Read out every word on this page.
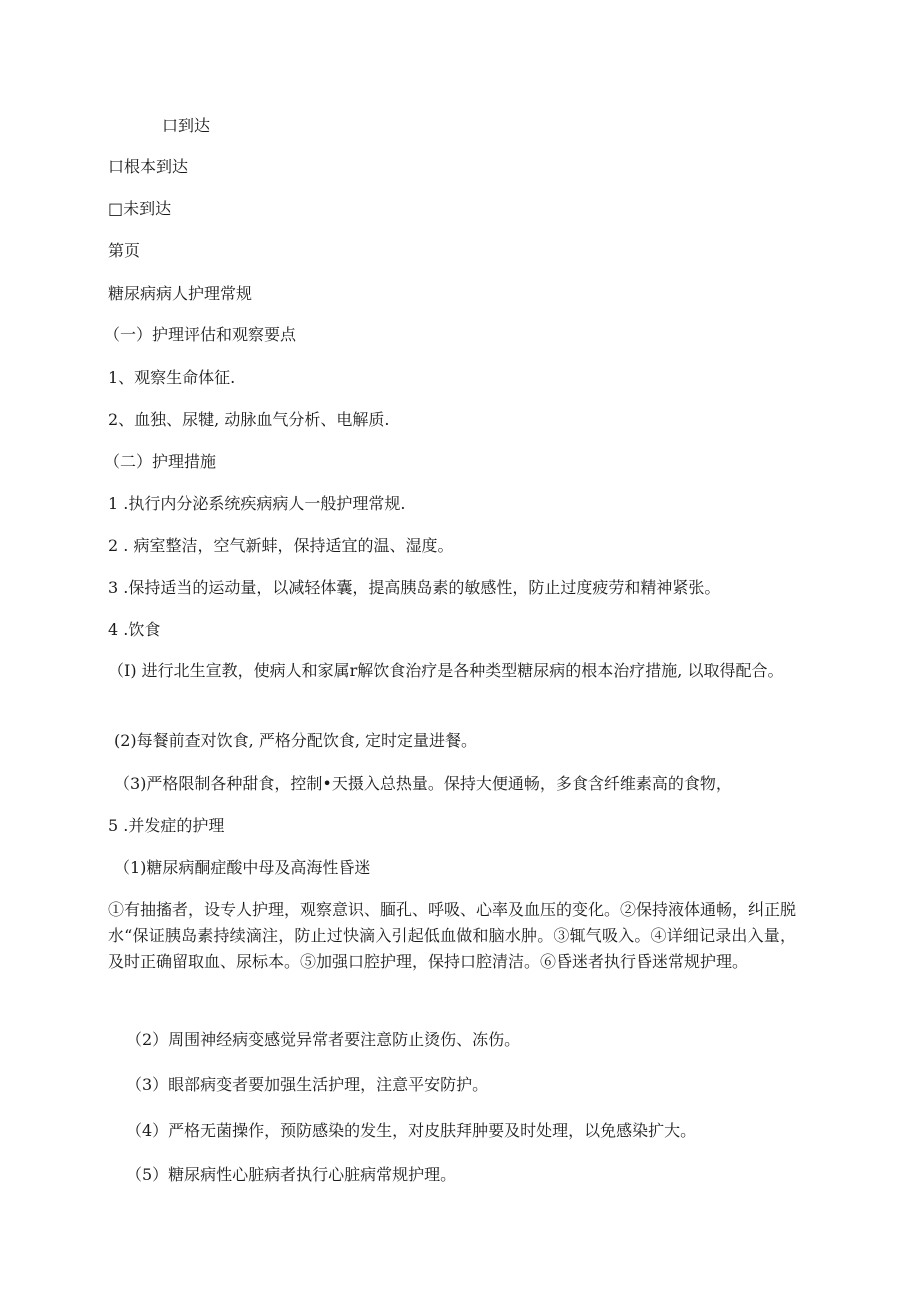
口到达
口根本到达
□未到达
第页
糖尿病病人护理常规
（一）护理评估和观察要点
1、观察生命体征.
2、血独、尿犍, 动脉血气分析、电解质.
（二）护理措施
1 .执行内分泌系统疾病病人一般护理常规.
2 . 病室整洁，空气新蚌，保持适宜的温、湿度。
3 .保持适当的运动量，以减轻体囊，提高胰岛素的敏感性，防止过度疲劳和精神紧张。
4 .饮食
（I) 进行北生宣教，使病人和家属r解饮食治疗是各种类型糖尿病的根本治疗措施, 以取得配合。
(2)每餐前查对饮食, 严格分配饮食, 定时定量进餐。
（3)严格限制各种甜食，控制•天摄入总热量。保持大便通畅，多食含纤维素高的食物，
5 .并发症的护理
（1)糖尿病酮症酸中母及高海性昏迷
①有抽搐者，设专人护理，观察意识、腼孔、呼吸、心率及血压的变化。②保持液体通畅，纠正脱水“保证胰岛素持续滴注，防止过快滴入引起低血做和脑水肿。③辄气吸入。④详细记录出入量，及时正确留取血、尿标本。⑤加强口腔护理，保持口腔清洁。⑥昏迷者执行昏迷常规护理。
（2）周围神经病变感觉异常者要注意防止烫伤、冻伤。
（3）眼部病变者要加强生活护理，注意平安防护。
（4）严格无菌操作，预防感染的发生，对皮肤拜肿要及时处理，以免感染扩大。
（5）糖尿病性心脏病者执行心脏病常规护理。
